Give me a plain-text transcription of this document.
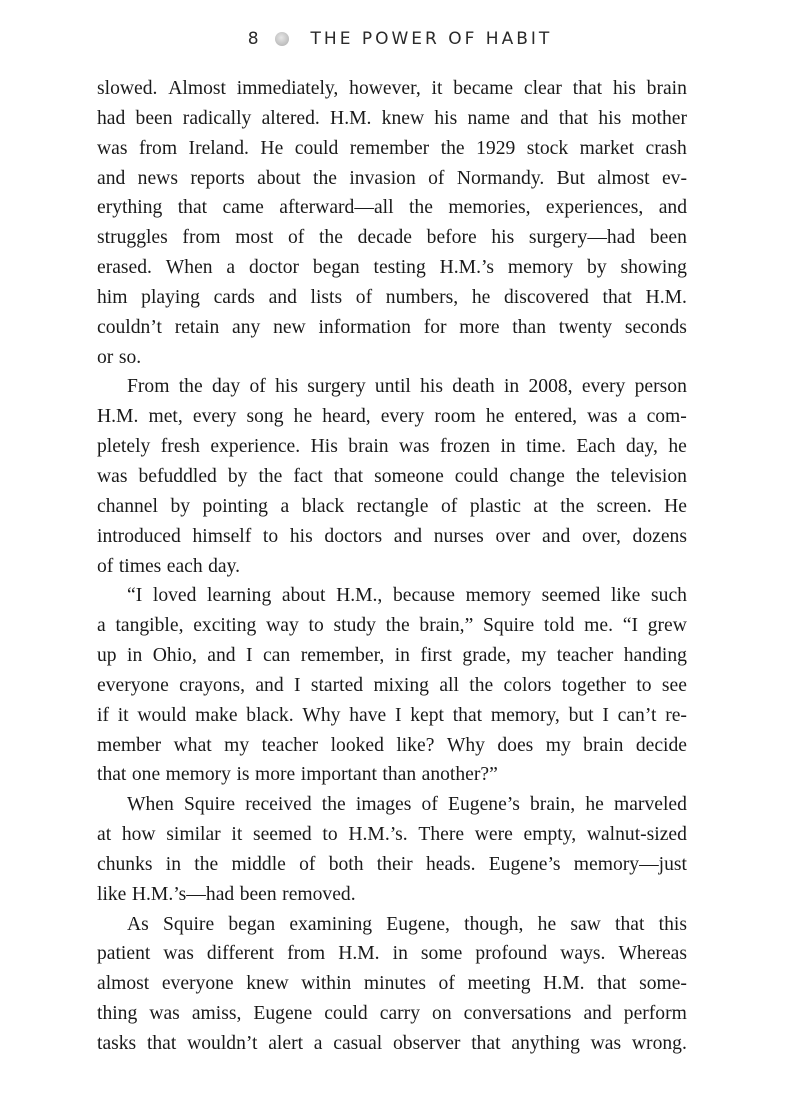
8	THE POWER OF HABIT
slowed. Almost immediately, however, it became clear that his brain
had been radically altered. H.M. knew his name and that his mother
was from Ireland. He could remember the 1929 stock market crash
and news reports about the invasion of Normandy. But almost ev-
erything that came afterward—all the memories, experiences, and
struggles from most of the decade before his surgery—had been
erased. When a doctor began testing H.M.’s memory by showing
him playing cards and lists of numbers, he discovered that H.M.
couldn’t retain any new information for more than twenty seconds
or so.
From the day of his surgery until his death in 2008, every person
H.M. met, every song he heard, every room he entered, was a com-
pletely fresh experience. His brain was frozen in time. Each day, he
was befuddled by the fact that someone could change the television
channel by pointing a black rectangle of plastic at the screen. He
introduced himself to his doctors and nurses over and over, dozens
of times each day.
“I loved learning about H.M., because memory seemed like such
a tangible, exciting way to study the brain,” Squire told me. “I grew
up in Ohio, and I can remember, in first grade, my teacher handing
everyone crayons, and I started mixing all the colors together to see
if it would make black. Why have I kept that memory, but I can’t re-
member what my teacher looked like? Why does my brain decide
that one memory is more important than another?”
When Squire received the images of Eugene’s brain, he marveled
at how similar it seemed to H.M.’s. There were empty, walnut-sized
chunks in the middle of both their heads. Eugene’s memory—just
like H.M.’s—had been removed.
As Squire began examining Eugene, though, he saw that this
patient was different from H.M. in some profound ways. Whereas
almost everyone knew within minutes of meeting H.M. that some-
thing was amiss, Eugene could carry on conversations and perform
tasks that wouldn’t alert a casual observer that anything was wrong.
